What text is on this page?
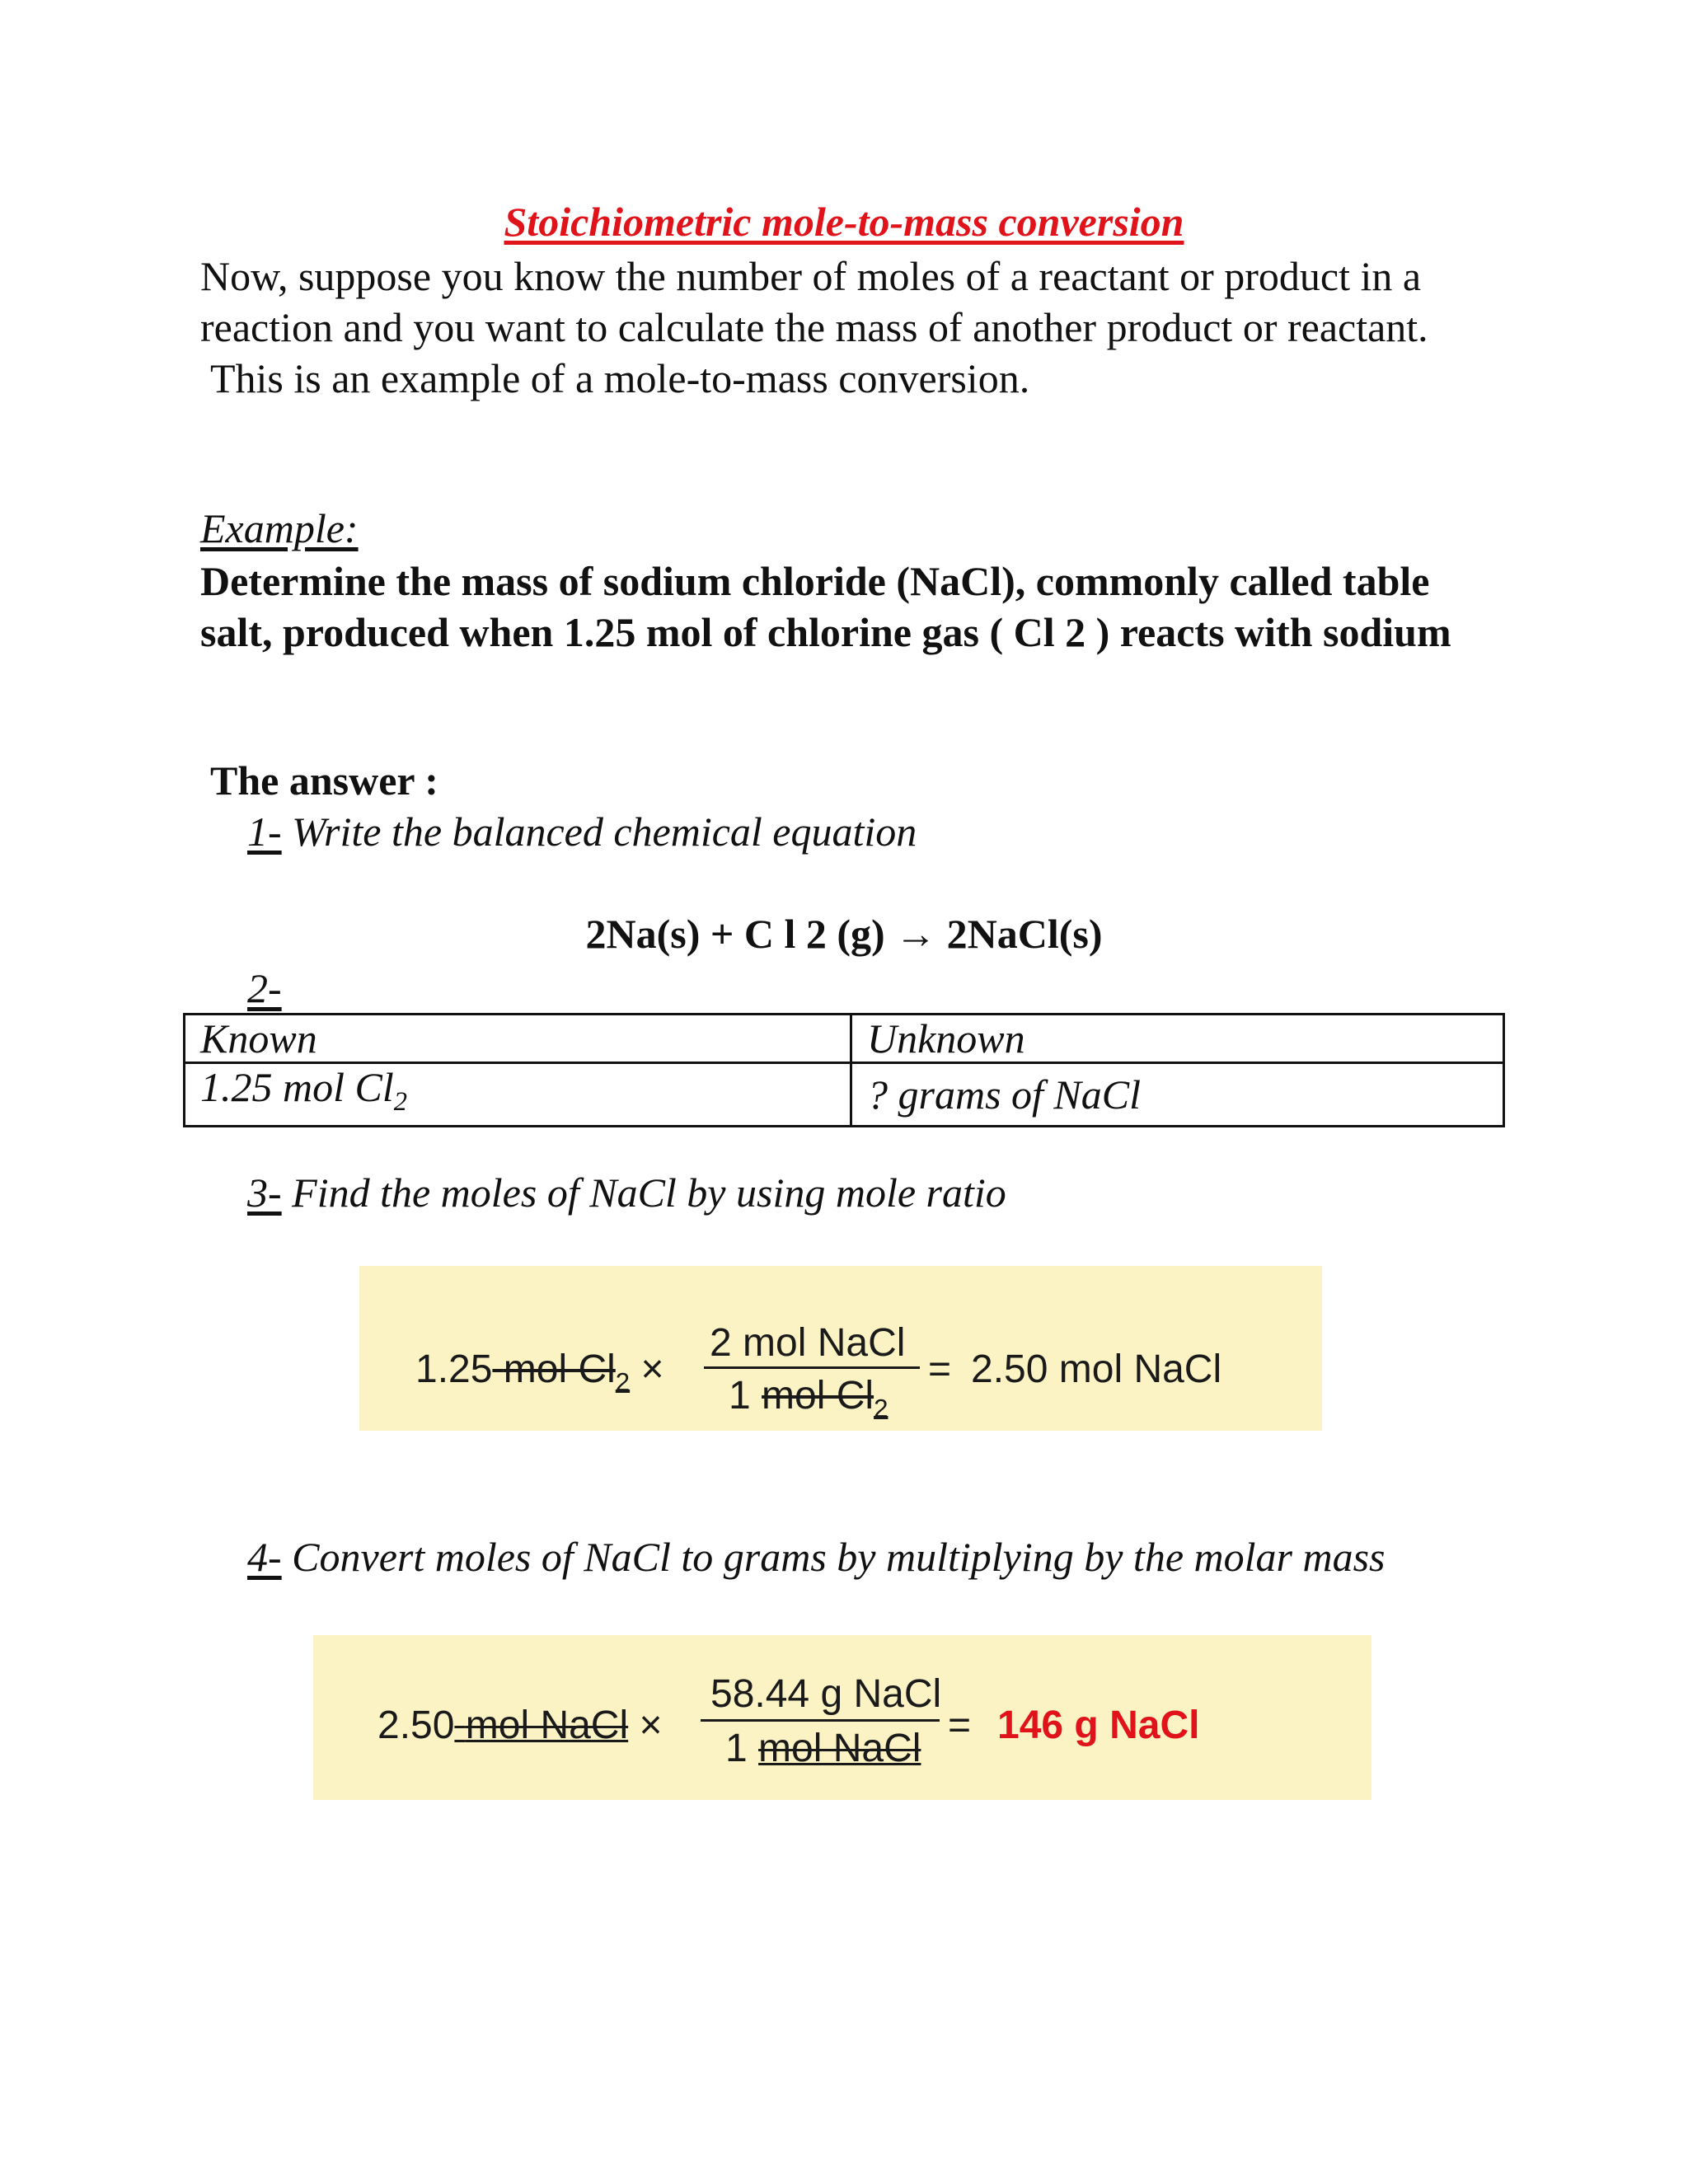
Stoichiometric mole-to-mass conversion
Now, suppose you know the number of moles of a reactant or product in a reaction and you want to calculate the mass of another product or reactant.
This is an example of a mole-to-mass conversion.
Example:
Determine the mass of sodium chloride (NaCl), commonly called table salt, produced when 1.25 mol of chlorine gas ( Cl 2 ) reacts with sodium
The answer :
1- Write the balanced chemical equation
2Na(s) + C l 2 (g) → 2NaCl(s)
2-
Known	Unknown
1.25 mol $Cl_2$	? grams of NaCl
3- Find the moles of NaCl by using mole ratio
1.25 mol $Cl_2$ ×
2 mol NaCl
1 mol $Cl_2$
= 2.50 mol NaCl
4- Convert moles of NaCl to grams by multiplying by the molar mass
2.50 mol NaCl ×
58.44 g NaCl
1 mol NaCl
= 146 g NaCl
